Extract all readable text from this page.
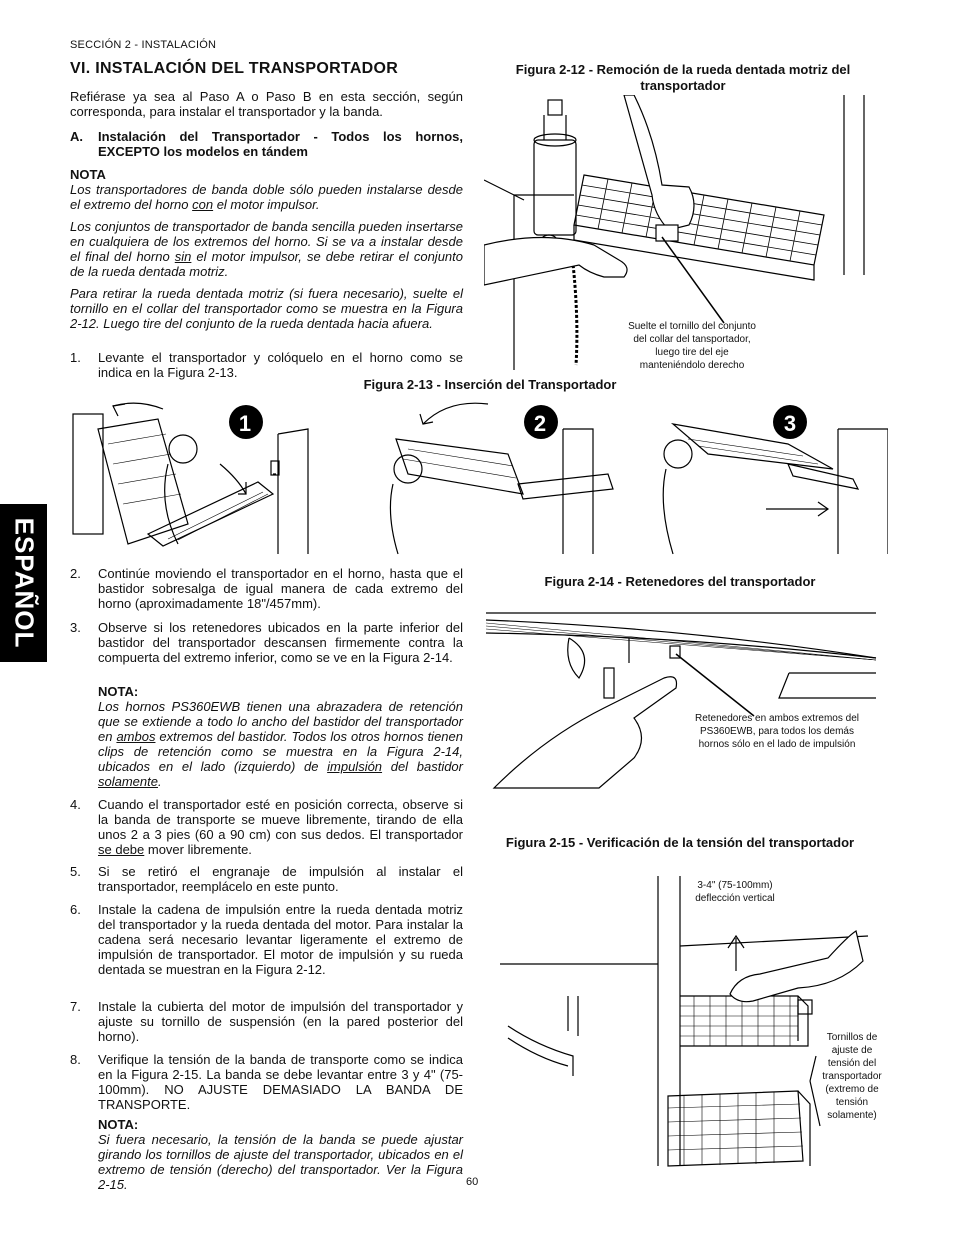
SECCIÓN 2 - INSTALACIÓN
ESPAÑOL
60
VI. INSTALACIÓN DEL TRANSPORTADOR

Refiérase ya sea al Paso A o Paso B en esta sección, según corresponda, para instalar el transportador y la banda.

A. Instalación del Transportador - Todos los hornos, EXCEPTO los modelos en tándem

NOTA

Los transportadores de banda doble sólo pueden instalarse desde el extremo del horno con el motor impulsor.

Los conjuntos de transportador de banda sencilla pueden insertarse en cualquiera de los extremos del horno. Si se va a instalar desde el final del horno sin el motor impulsor, se debe retirar el conjunto de la rueda dentada motriz.

Para retirar la rueda dentada motriz (si fuera necesario), suelte el tornillo en el collar del transportador como se muestra en la Figura 2-12. Luego tire del conjunto de la rueda dentada hacia afuera.

1. Levante el transportador y colóquelo en el horno como se indica en la Figura 2-13.
Figura 2-12 - Remoción de la rueda dentada motriz del transportador
Suelte el tornillo del conjunto del collar del tansportador, luego tire del eje manteniéndolo derecho
Figura 2-13 - Inserción del Transportador
1	2	3
2. Continúe moviendo el transportador en el horno, hasta que el bastidor sobresalga de igual manera de cada extremo del horno (aproximadamente 18"/457mm).
3. Observe si los retenedores ubicados en la parte inferior del bastidor del transportador descansen firmemente contra la compuerta del extremo inferior, como se ve en la Figura 2-14.

NOTA:

Los hornos PS360EWB tienen una abrazadera de retención que se extiende a todo lo ancho del bastidor del transportador en ambos extremos del bastidor. Todos los otros hornos tienen clips de retención como se muestra en la Figura 2-14, ubicados en el lado (izquierdo) de impulsión del bastidor solamente.

4. Cuando el transportador esté en posición correcta, observe si la banda de transporte se mueve libremente, tirando de ella unos 2 a 3 pies (60 a 90 cm) con sus dedos. El transportador se debe mover libremente.
5. Si se retiró el engranaje de impulsión al instalar el transportador, reemplácelo en este punto.
6. Instale la cadena de impulsión entre la rueda dentada motriz del transportador y la rueda dentada del motor. Para instalar la cadena será necesario levantar ligeramente el extremo de impulsión de transportador. El motor de impulsión y su rueda dentada se muestran en la Figura 2-12.
7. Instale la cubierta del motor de impulsión del transportador y ajuste su tornillo de suspensión (en la pared posterior del horno).
8. Verifique la tensión de la banda de transporte como se indica en la Figura 2-15. La banda se debe levantar entre 3 y 4" (75-100mm). NO AJUSTE DEMASIADO LA BANDA DE TRANSPORTE.

NOTA:

Si fuera necesario, la tensión de la banda se puede ajustar girando los tornillos de ajuste del transportador, ubicados en el extremo de tensión (derecho) del transportador. Ver la Figura 2-15.

Figura 2-14 - Retenedores del transportador
Retenedores en ambos extremos del PS360EWB, para todos los demás hornos sólo en el lado de impulsión
Figura 2-15 - Verificación de la tensión del transportador
3-4" (75-100mm) deflección vertical
Tornillos de ajuste de tensión del transportador (extremo de tensión solamente)
